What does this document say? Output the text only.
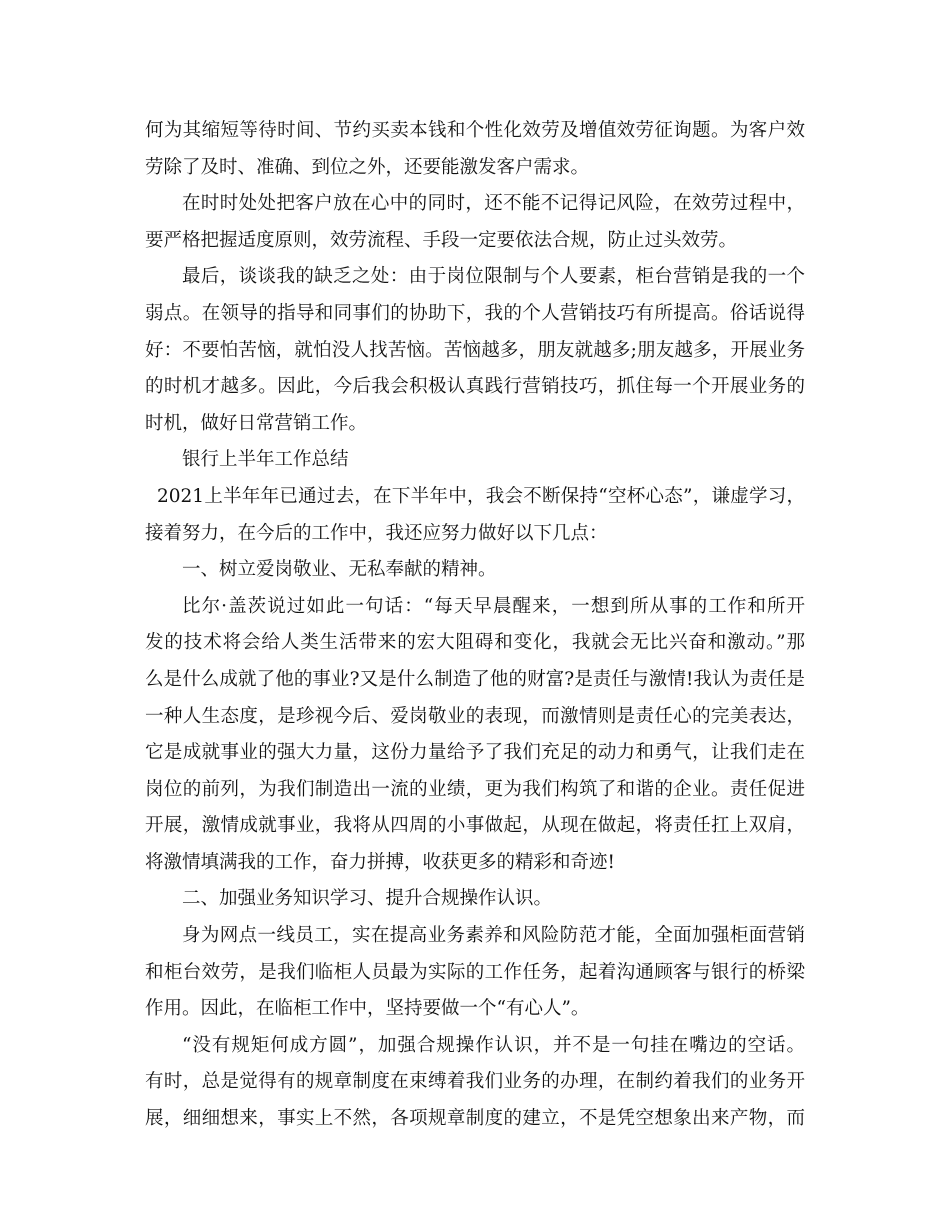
何为其缩短等待时间、节约买卖本钱和个性化效劳及增值效劳征询题。为客户效
劳除了及时、准确、到位之外，还要能激发客户需求。
在时时处处把客户放在心中的同时，还不能不记得记风险，在效劳过程中，
要严格把握适度原则，效劳流程、手段一定要依法合规，防止过头效劳。
最后，谈谈我的缺乏之处：由于岗位限制与个人要素，柜台营销是我的一个
弱点。在领导的指导和同事们的协助下，我的个人营销技巧有所提高。俗话说得
好：不要怕苦恼，就怕没人找苦恼。苦恼越多，朋友就越多;朋友越多，开展业务
的时机才越多。因此，今后我会积极认真践行营销技巧，抓住每一个开展业务的
时机，做好日常营销工作。
银行上半年工作总结
2021上半年年已通过去，在下半年中，我会不断保持“空杯心态”，谦虚学习，
接着努力，在今后的工作中，我还应努力做好以下几点：
一、树立爱岗敬业、无私奉献的精神。
比尔·盖茨说过如此一句话：“每天早晨醒来，一想到所从事的工作和所开
发的技术将会给人类生活带来的宏大阻碍和变化，我就会无比兴奋和激动。”那
么是什么成就了他的事业?又是什么制造了他的财富?是责任与激情!我认为责任是
一种人生态度，是珍视今后、爱岗敬业的表现，而激情则是责任心的完美表达，
它是成就事业的强大力量，这份力量给予了我们充足的动力和勇气，让我们走在
岗位的前列，为我们制造出一流的业绩，更为我们构筑了和谐的企业。责任促进
开展，激情成就事业，我将从四周的小事做起，从现在做起，将责任扛上双肩，
将激情填满我的工作，奋力拼搏，收获更多的精彩和奇迹!
二、加强业务知识学习、提升合规操作认识。
身为网点一线员工，实在提高业务素养和风险防范才能，全面加强柜面营销
和柜台效劳，是我们临柜人员最为实际的工作任务，起着沟通顾客与银行的桥梁
作用。因此，在临柜工作中，坚持要做一个“有心人”。
“没有规矩何成方圆”，加强合规操作认识，并不是一句挂在嘴边的空话。
有时，总是觉得有的规章制度在束缚着我们业务的办理，在制约着我们的业务开
展，细细想来，事实上不然，各项规章制度的建立，不是凭空想象出来产物，而
